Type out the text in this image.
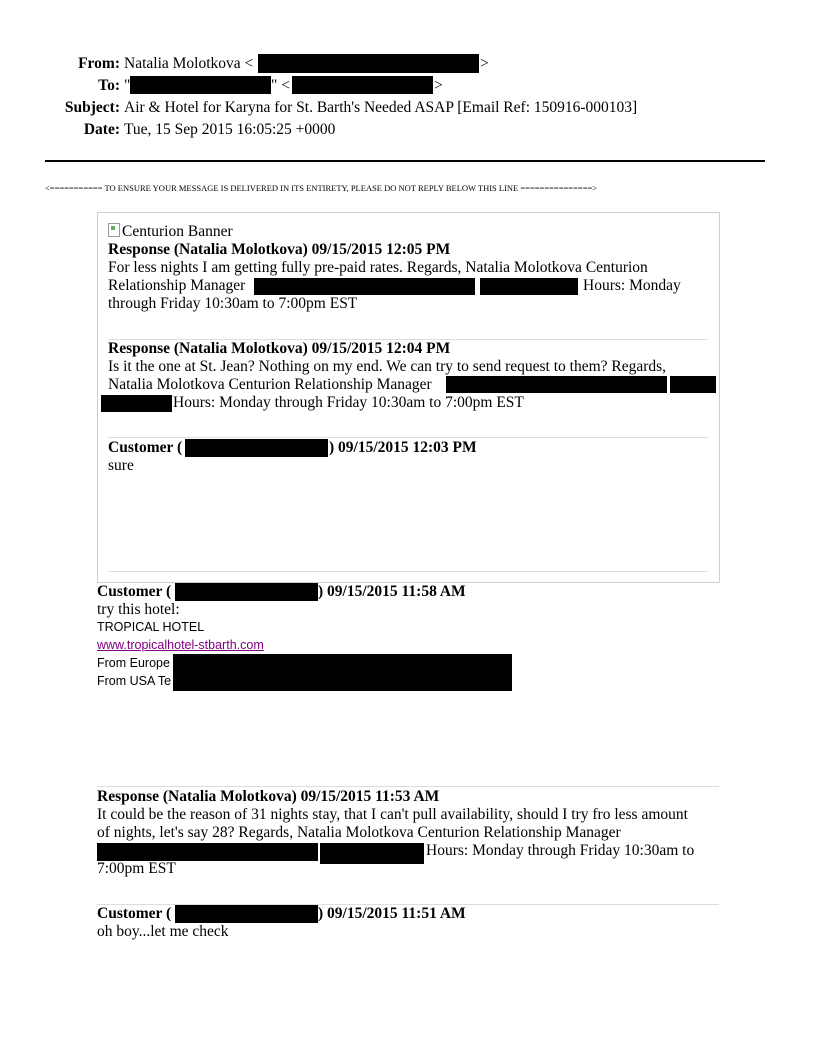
From: Natalia Molotkova <	>
To: "	" <	>
Subject: Air & Hotel for Karyna for St. Barth's Needed ASAP [Email Ref: 150916-000103]
Date: Tue, 15 Sep 2015 16:05:25 +0000
<=========== TO ENSURE YOUR MESSAGE IS DELIVERED IN ITS ENTIRETY, PLEASE DO NOT REPLY BELOW THIS LINE ===============>
Centurion Banner
Response (Natalia Molotkova) 09/15/2015 12:05 PM
For less nights I am getting fully pre-paid rates. Regards, Natalia Molotkova Centurion
Relationship Manager	Hours: Monday
through Friday 10:30am to 7:00pm EST
Response (Natalia Molotkova) 09/15/2015 12:04 PM
Is it the one at St. Jean? Nothing on my end. We can try to send request to them? Regards,
Natalia Molotkova Centurion Relationship Manager
Hours: Monday through Friday 10:30am to 7:00pm EST
Customer (	) 09/15/2015 12:03 PM
sure
Customer (	) 09/15/2015 11:58 AM
try this hotel:
TROPICAL HOTEL
www.tropicalhotel-stbarth.com
From Europe
From USA Te
Response (Natalia Molotkova) 09/15/2015 11:53 AM
It could be the reason of 31 nights stay, that I can't pull availability, should I try fro less amount
of nights, let's say 28? Regards, Natalia Molotkova Centurion Relationship Manager
Hours: Monday through Friday 10:30am to
7:00pm EST
Customer (	) 09/15/2015 11:51 AM
oh boy...let me check
